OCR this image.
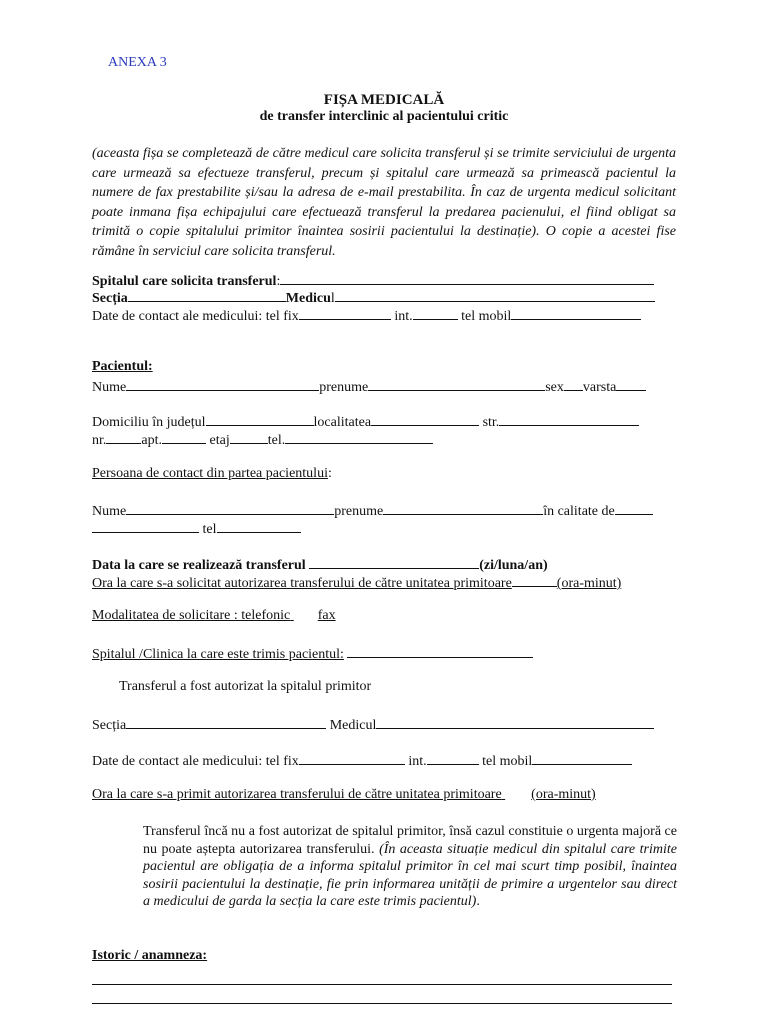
ANEXA 3
FIȘA MEDICALĂ
de transfer interclinic al pacientului critic
(aceasta fișa se completează de către medicul care solicita transferul și se trimite serviciului de urgenta care urmează sa efectueze transferul, precum și spitalul care urmează sa primească pacientul la numere de fax prestabilite și/sau la adresa de e-mail prestabilita. În caz de urgenta medicul solicitant poate inmana fișa echipajului care efectuează transferul la predarea pacienului, el fiind obligat sa trimită o copie spitalului primitor înaintea sosirii pacientului la destinație). O copie a acestei fise rămâne în serviciul care solicita transferul.
Spitalul care solicita transferul:
Secția	Medicul
Date de contact ale medicului: tel fix	int.	tel mobil
Pacientul:
Nume	prenume	sex varsta
Domiciliu în județul	localitatea	str.
nr.	apt.	etaj	tel.
Persoana de contact din partea pacientului:
Nume	prenume	în calitate de
tel
Data la care se realizează transferul	(zi/luna/an)
Ora la care s-a solicitat autorizarea transferului de către unitatea primitoare	(ora-minut)
Modalitatea de solicitare : telefonic fax
Spitalul /Clinica la care este trimis pacientul:
Transferul a fost autorizat la spitalul primitor
Secția	Medicul
Date de contact ale medicului: tel fix	int.	tel mobil
Ora la care s-a primit autorizarea transferului de către unitatea primitoare (ora-minut)
Transferul încă nu a fost autorizat de spitalul primitor, însă cazul constituie o urgenta majoră ce nu poate aștepta autorizarea transferului. (În aceasta situație medicul din spitalul care trimite pacientul are obligația de a informa spitalul primitor în cel mai scurt timp posibil, înaintea sosirii pacientului la destinație, fie prin informarea unității de primire a urgentelor sau direct a medicului de garda la secția la care este trimis pacientul).
Istoric / anamneza:
